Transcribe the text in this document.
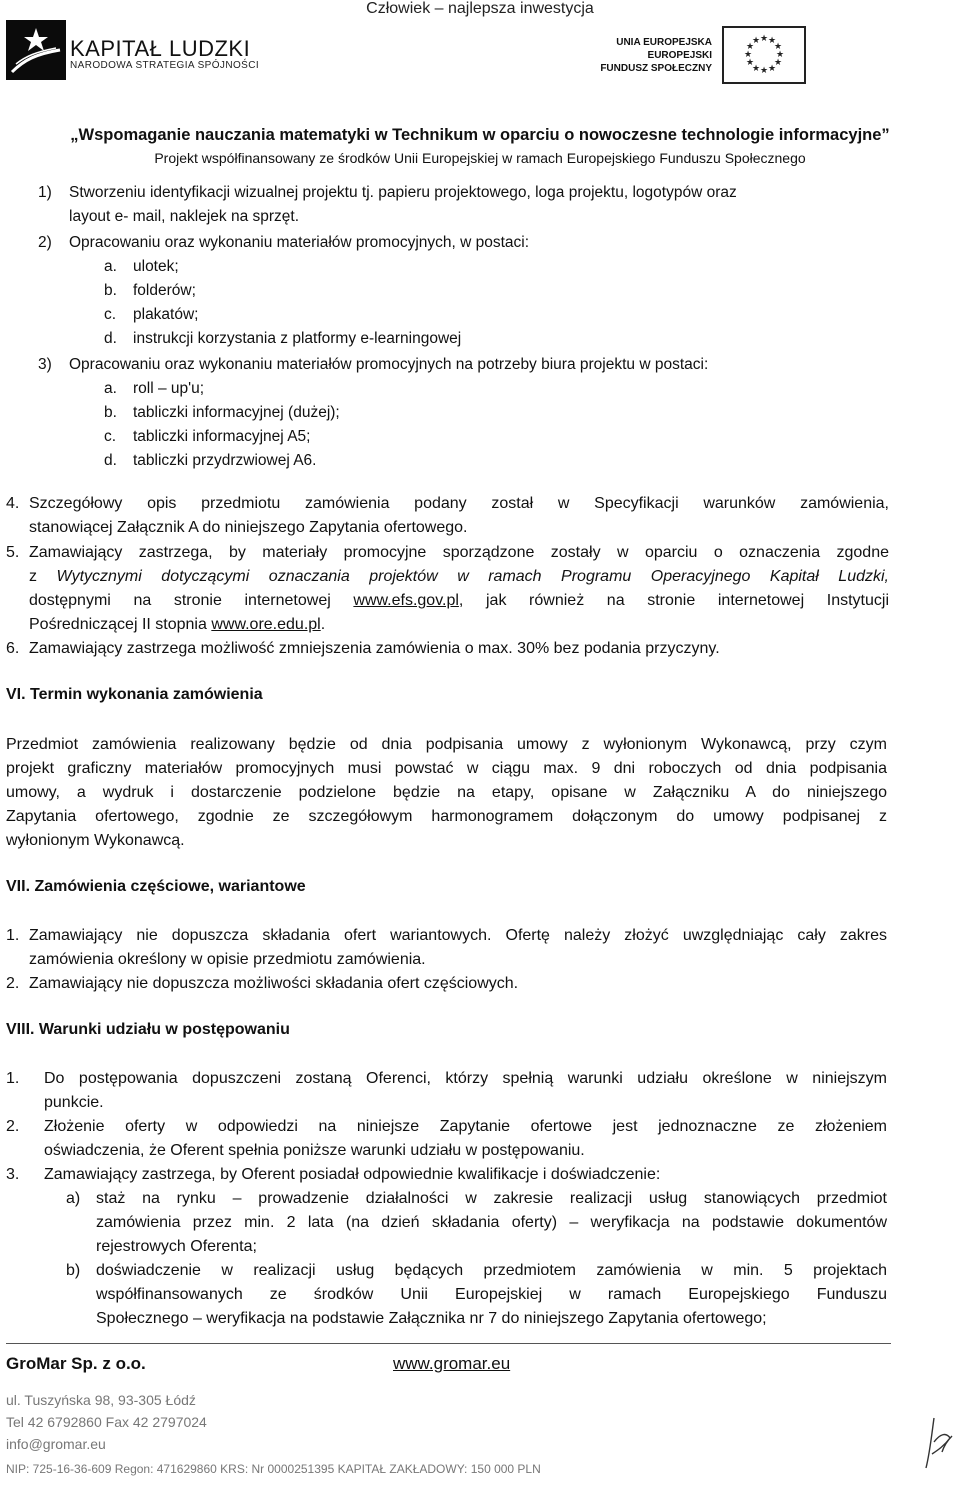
Człowiek – najlepsza inwestycja
KAPITAŁ LUDZKI
NARODOWA STRATEGIA SPÓJNOŚCI
UNIA EUROPEJSKA
EUROPEJSKI
FUNDUSZ SPOŁECZNY
★ ★
★
★
★
★
★
★
★
★
★
★
„Wspomaganie nauczania matematyki w Technikum w oparciu o nowoczesne technologie informacyjne”
Projekt współfinansowany ze środków Unii Europejskiej w ramach Europejskiego Funduszu Społecznego
1) Stworzeniu identyfikacji wizualnej projektu tj. papieru projektowego, loga projektu, logotypów oraz
layout e- mail, naklejek na sprzęt.
2) Opracowaniu oraz wykonaniu materiałów promocyjnych, w postaci:
a. ulotek;
b. folderów;
c. plakatów;
d. instrukcji korzystania z platformy e-learningowej
3) Opracowaniu oraz wykonaniu materiałów promocyjnych na potrzeby biura projektu w postaci:
a. roll – up'u;
b. tabliczki informacyjnej (dużej);
c. tabliczki informacyjnej A5;
d. tabliczki przydrzwiowej A6.
4. Szczegółowy opis przedmiotu zamówienia podany został w Specyfikacji warunków zamówienia,
stanowiącej Załącznik A do niniejszego Zapytania ofertowego.
5. Zamawiający zastrzega, by materiały promocyjne sporządzone zostały w oparciu o oznaczenia zgodne
z Wytycznymi dotyczącymi oznaczania projektów w ramach Programu Operacyjnego Kapitał Ludzki,
dostępnymi na stronie internetowej www.efs.gov.pl, jak również na stronie internetowej Instytucji
Pośredniczącej II stopnia www.ore.edu.pl.
6. Zamawiający zastrzega możliwość zmniejszenia zamówienia o max. 30% bez podania przyczyny.
VI. Termin wykonania zamówienia
Przedmiot zamówienia realizowany będzie od dnia podpisania umowy z wyłonionym Wykonawcą, przy czym
projekt graficzny materiałów promocyjnych musi powstać w ciągu max. 9 dni roboczych od dnia podpisania
umowy, a wydruk i dostarczenie podzielone będzie na etapy, opisane w Załączniku A do niniejszego
Zapytania ofertowego, zgodnie ze szczegółowym harmonogramem dołączonym do umowy podpisanej z
wyłonionym Wykonawcą.
VII. Zamówienia częściowe, wariantowe
1. Zamawiający nie dopuszcza składania ofert wariantowych. Ofertę należy złożyć uwzględniając cały zakres
zamówienia określony w opisie przedmiotu zamówienia.
2. Zamawiający nie dopuszcza możliwości składania ofert częściowych.
VIII. Warunki udziału w postępowaniu
1. Do postępowania dopuszczeni zostaną Oferenci, którzy spełnią warunki udziału określone w niniejszym
punkcie.
2. Złożenie oferty w odpowiedzi na niniejsze Zapytanie ofertowe jest jednoznaczne ze złożeniem
oświadczenia, że Oferent spełnia poniższe warunki udziału w postępowaniu.
3. Zamawiający zastrzega, by Oferent posiadał odpowiednie kwalifikacje i doświadczenie:
a) staż na rynku – prowadzenie działalności w zakresie realizacji usług stanowiących przedmiot
zamówienia przez min. 2 lata (na dzień składania oferty) – weryfikacja na podstawie dokumentów
rejestrowych Oferenta;
b) doświadczenie w realizacji usług będących przedmiotem zamówienia w min. 5 projektach
współfinansowanych ze środków Unii Europejskiej w ramach Europejskiego Funduszu
Społecznego – weryfikacja na podstawie Załącznika nr 7 do niniejszego Zapytania ofertowego;
GroMar Sp. z o.o.	www.gromar.eu
ul. Tuszyńska 98, 93-305 Łódź
Tel 42 6792860 Fax 42 2797024
info@gromar.eu
NIP: 725-16-36-609 Regon: 471629860 KRS: Nr 0000251395 KAPITAŁ ZAKŁADOWY: 150 000 PLN
